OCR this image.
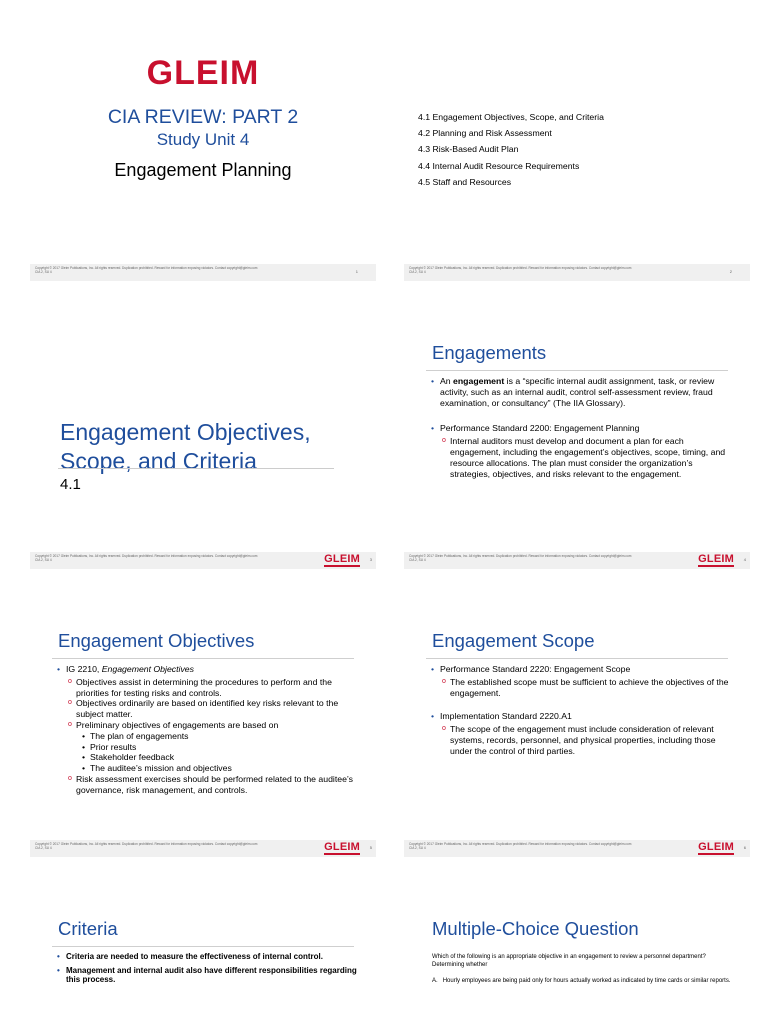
GLEIM
CIA REVIEW: PART 2
Study Unit 4
Engagement Planning
Copyright © 2017 Gleim Publications, Inc. All rights reserved. Duplication prohibited. Reward for information exposing violators. Contact copyright@gleim.com
CIA 2, SU 4	1
4.1 Engagement Objectives, Scope, and Criteria
4.2 Planning and Risk Assessment
4.3 Risk-Based Audit Plan
4.4 Internal Audit Resource Requirements
4.5 Staff and Resources
Copyright © 2017 Gleim Publications, Inc. All rights reserved. Duplication prohibited. Reward for information exposing violators. Contact copyright@gleim.com
CIA 2, SU 4	2
Engagement Objectives,
Scope, and Criteria
4.1
Copyright © 2017 Gleim Publications, Inc. All rights reserved. Duplication prohibited. Reward for information exposing violators. Contact copyright@gleim.com
CIA 2, SU 4	GLEIM 3
Engagements
• An engagement is a “specific internal audit assignment, task, or review activity, such as an internal audit, control self-assessment review, fraud examination, or consultancy” (The IIA Glossary).
• Performance Standard 2200: Engagement Planning
o Internal auditors must develop and document a plan for each engagement, including the engagement’s objectives, scope, timing, and resource allocations. The plan must consider the organization’s strategies, objectives, and risks relevant to the engagement.
Copyright © 2017 Gleim Publications, Inc. All rights reserved. Duplication prohibited. Reward for information exposing violators. Contact copyright@gleim.com
CIA 2, SU 4	GLEIM 4
Engagement Objectives
• IG 2210, Engagement Objectives
o Objectives assist in determining the procedures to perform and the priorities for testing risks and controls.
o Objectives ordinarily are based on identified key risks relevant to the subject matter.
o Preliminary objectives of engagements are based on
• The plan of engagements
• Prior results
• Stakeholder feedback
• The auditee’s mission and objectives
o Risk assessment exercises should be performed related to the auditee’s governance, risk management, and controls.
Copyright © 2017 Gleim Publications, Inc. All rights reserved. Duplication prohibited. Reward for information exposing violators. Contact copyright@gleim.com
CIA 2, SU 4	GLEIM 5
Engagement Scope
• Performance Standard 2220: Engagement Scope
o The established scope must be sufficient to achieve the objectives of the engagement.
• Implementation Standard 2220.A1
o The scope of the engagement must include consideration of relevant systems, records, personnel, and physical properties, including those under the control of third parties.
Copyright © 2017 Gleim Publications, Inc. All rights reserved. Duplication prohibited. Reward for information exposing violators. Contact copyright@gleim.com
CIA 2, SU 4	GLEIM 6
Criteria
• Criteria are needed to measure the effectiveness of internal control.
• Management and internal audit also have different responsibilities regarding this process.
Multiple-Choice Question
Which of the following is an appropriate objective in an engagement to review a personnel department? Determining whether
A. Hourly employees are being paid only for hours actually worked as indicated by time cards or similar reports.
